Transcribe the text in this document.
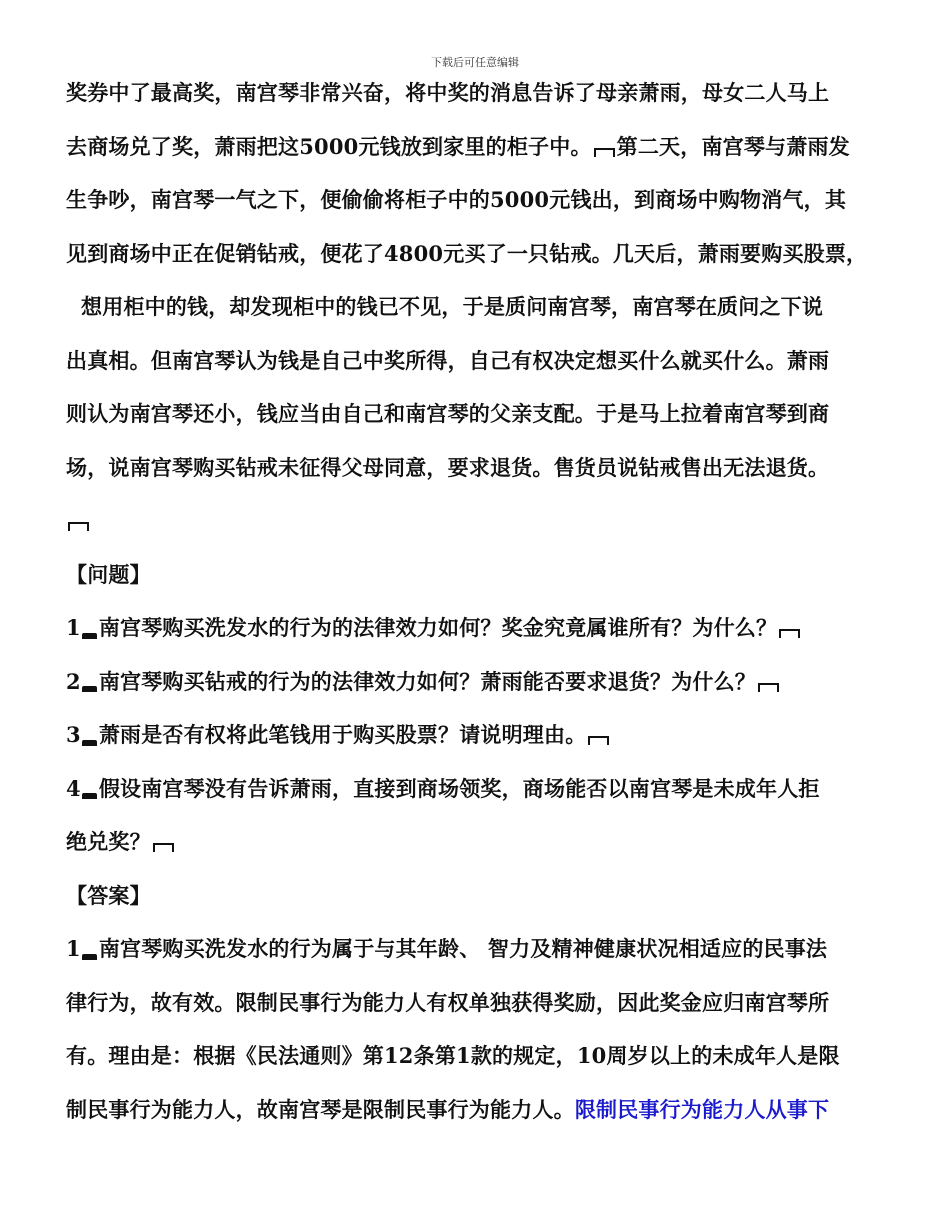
下载后可任意编辑
奖券中了最高奖，南宫琴非常兴奋，将中奖的消息告诉了母亲萧雨，母女二人马上
去商场兑了奖，萧雨把这5000元钱放到家里的柜子中。 第二天，南宫琴与萧雨发
生争吵，南宫琴一气之下，便偷偷将柜子中的5000元钱出，到商场中购物消气，其
见到商场中正在促销钻戒，便花了4800元买了一只钻戒。几天后，萧雨要购买股票，
想用柜中的钱，却发现柜中的钱已不见，于是质问南宫琴，南宫琴在质问之下说
出真相。但南宫琴认为钱是自己中奖所得，自己有权决定想买什么就买什么。萧雨
则认为南宫琴还小，钱应当由自己和南宫琴的父亲支配。于是马上拉着南宫琴到商
场，说南宫琴购买钻戒未征得父母同意，要求退货。售货员说钻戒售出无法退货。
【问题】
1 南宫琴购买洗发水的行为的法律效力如何？奖金究竟属谁所有？为什么？
2 南宫琴购买钻戒的行为的法律效力如何？萧雨能否要求退货？为什么？
3 萧雨是否有权将此笔钱用于购买股票？请说明理由。
4 假设南宫琴没有告诉萧雨，直接到商场领奖，商场能否以南宫琴是未成年人拒
绝兑奖？
【答案】
1 南宫琴购买洗发水的行为属于与其年龄、 智力及精神健康状况相适应的民事法
律行为，故有效。限制民事行为能力人有权单独获得奖励，因此奖金应归南宫琴所
有。理由是：根据《民法通则》第12条第1款的规定，10周岁以上的未成年人是限
制民事行为能力人，故南宫琴是限制民事行为能力人。限制民事行为能力人从事下
